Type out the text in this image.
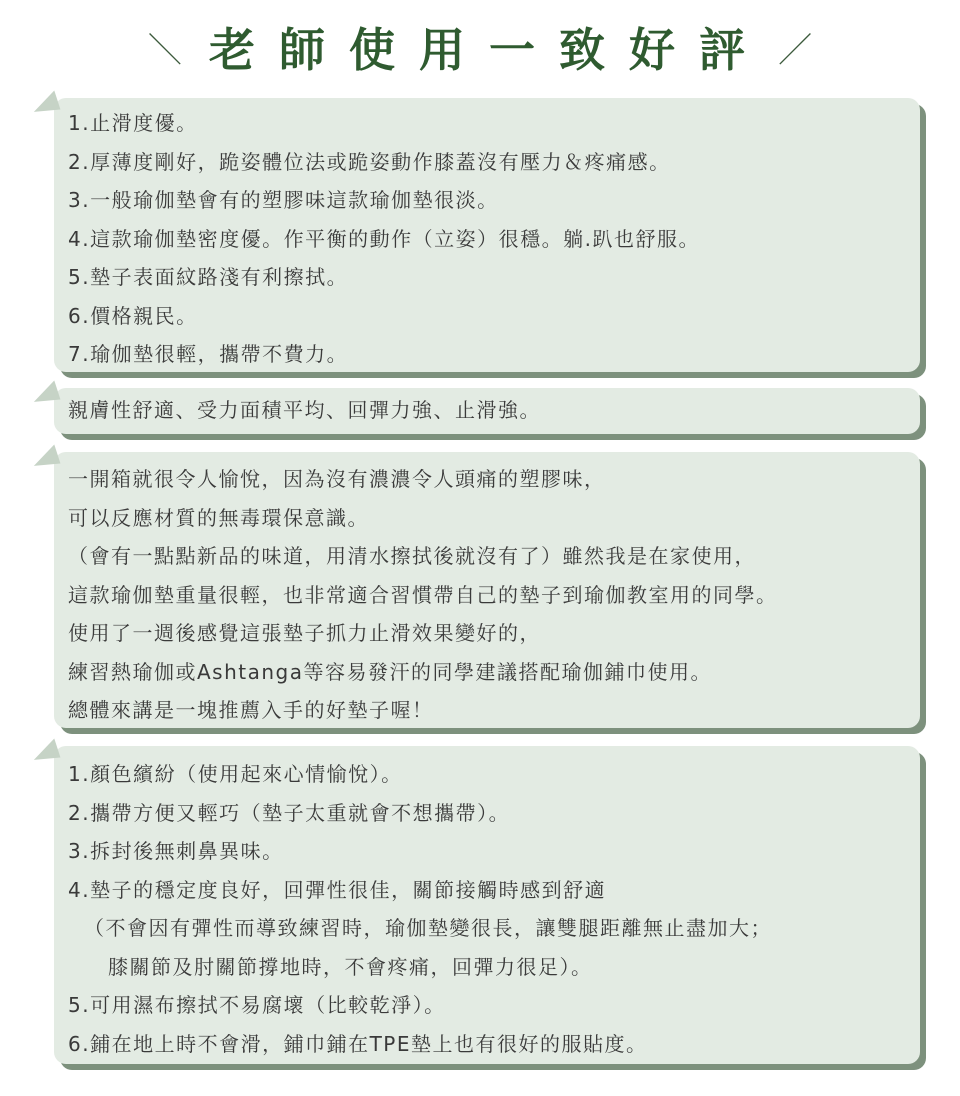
＼ 老師使用一致好評 ／
1.止滑度優。
2.厚薄度剛好，跪姿體位法或跪姿動作膝蓋沒有壓力＆疼痛感。
3.一般瑜伽墊會有的塑膠味這款瑜伽墊很淡。
4.這款瑜伽墊密度優。作平衡的動作（立姿）很穩。躺.趴也舒服。
5.墊子表面紋路淺有利擦拭。
6.價格親民。
7.瑜伽墊很輕，攜帶不費力。
親膚性舒適、受力面積平均、回彈力強、止滑強。
一開箱就很令人愉悅，因為沒有濃濃令人頭痛的塑膠味，
可以反應材質的無毒環保意識。
（會有一點點新品的味道，用清水擦拭後就沒有了）雖然我是在家使用，
這款瑜伽墊重量很輕，也非常適合習慣帶自己的墊子到瑜伽教室用的同學。
使用了一週後感覺這張墊子抓力止滑效果變好的，
練習熱瑜伽或Ashtanga等容易發汗的同學建議搭配瑜伽鋪巾使用。
總體來講是一塊推薦入手的好墊子喔！
1.顏色繽紛（使用起來心情愉悅）。
2.攜帶方便又輕巧（墊子太重就會不想攜帶）。
3.拆封後無刺鼻異味。
4.墊子的穩定度良好，回彈性很佳，關節接觸時感到舒適
（不會因有彈性而導致練習時，瑜伽墊變很長，讓雙腿距離無止盡加大；
膝關節及肘關節撐地時，不會疼痛，回彈力很足）。
5.可用濕布擦拭不易腐壞（比較乾淨）。
6.鋪在地上時不會滑，鋪巾鋪在TPE墊上也有很好的服貼度。
